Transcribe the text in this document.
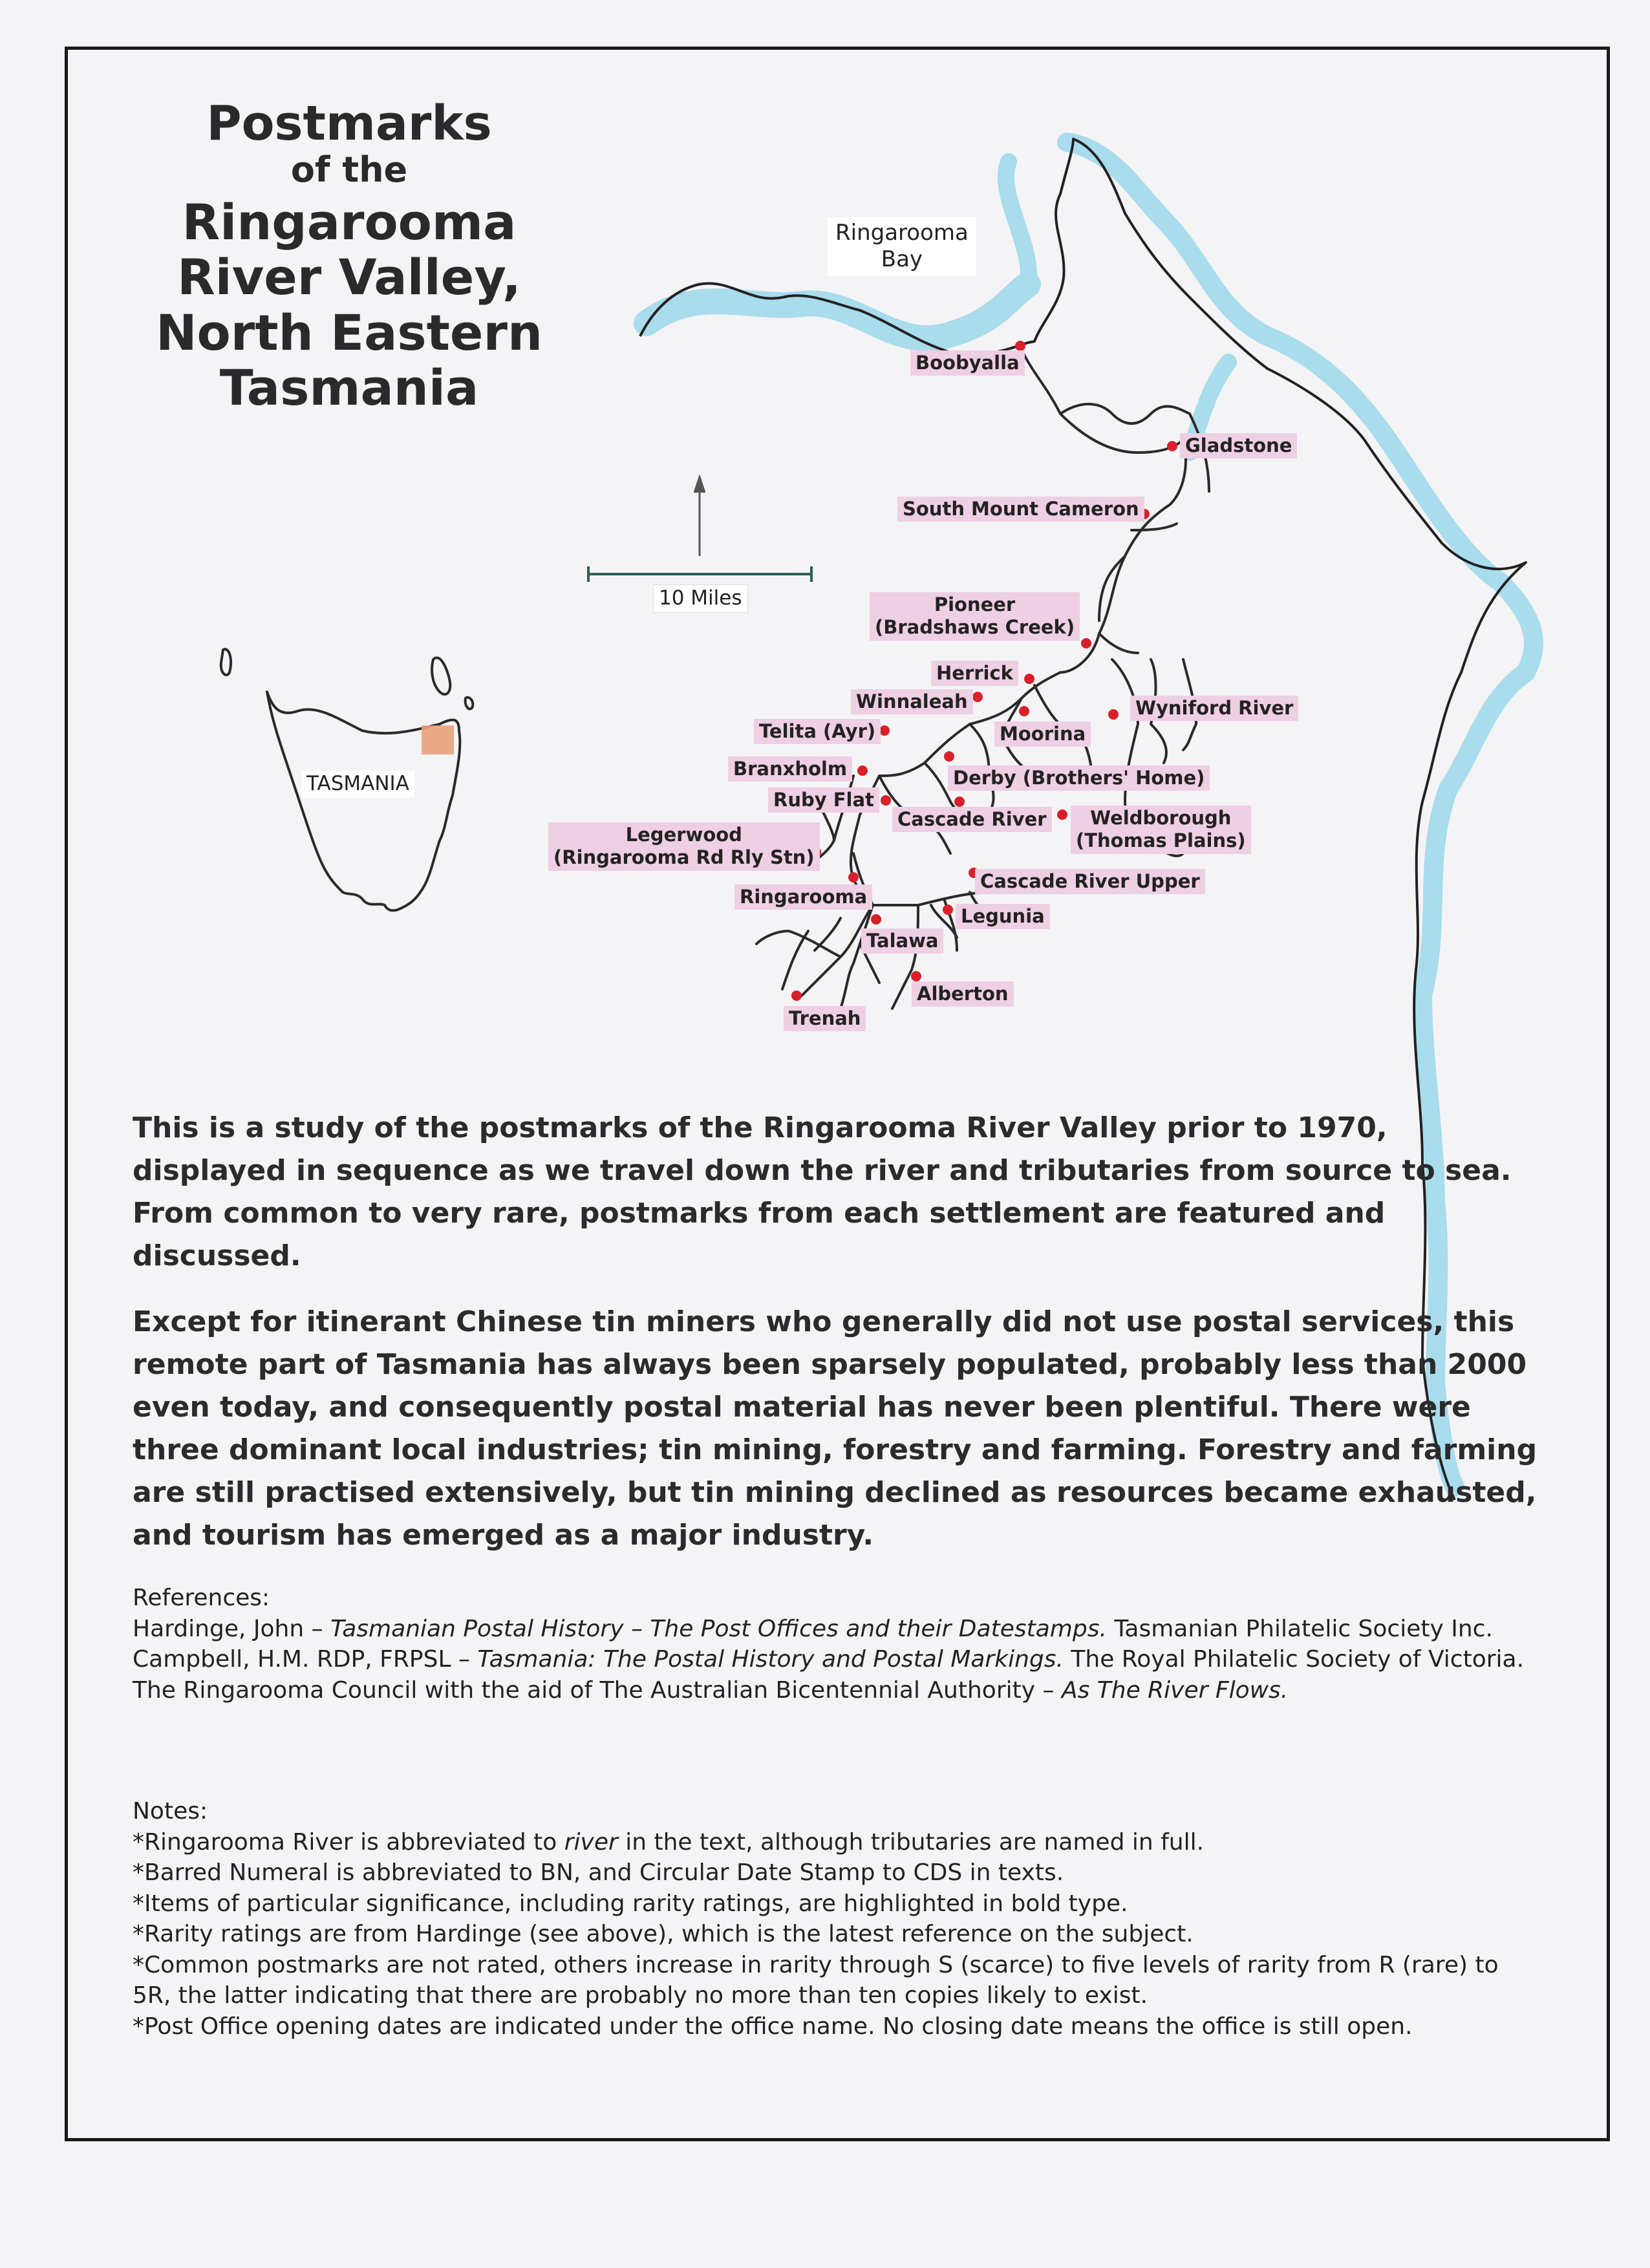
Postmarks
of the
Ringarooma
River Valley,
North Eastern
Tasmania
Ringarooma
Bay
10 Miles
TASMANIA
Boobyalla
Gladstone
South Mount Cameron
Pioneer
(Bradshaws Creek)
Herrick
Winnaleah	Wyniford River
Telita (Ayr)	Moorina
Branxholm	Derby (Brothers' Home)
Ruby Flat
Cascade River	Weldborough
(Thomas Plains)
Legerwood
(Ringarooma Rd Rly Stn)
Cascade River Upper
Ringarooma
Legunia
Talawa
Alberton
Trenah

This is a study of the postmarks of the Ringarooma River Valley prior to 1970, displayed in sequence as we travel down the river and tributaries from source to sea. From common to very rare, postmarks from each settlement are featured and discussed.

Except for itinerant Chinese tin miners who generally did not use postal services, this remote part of Tasmania has always been sparsely populated, probably less than 2000 even today, and consequently postal material has never been plentiful. There were three dominant local industries; tin mining, forestry and farming. Forestry and farming are still practised extensively, but tin mining declined as resources became exhausted, and tourism has emerged as a major industry.

References:
Hardinge, John – Tasmanian Postal History – The Post Offices and their Datestamps. Tasmanian Philatelic Society Inc.
Campbell, H.M. RDP, FRPSL – Tasmania: The Postal History and Postal Markings. The Royal Philatelic Society of Victoria.
The Ringarooma Council with the aid of The Australian Bicentennial Authority – As The River Flows.
Notes:
*Ringarooma River is abbreviated to river in the text, although tributaries are named in full.
*Barred Numeral is abbreviated to BN, and Circular Date Stamp to CDS in texts.
*Items of particular significance, including rarity ratings, are highlighted in bold type.
*Rarity ratings are from Hardinge (see above), which is the latest reference on the subject.
*Common postmarks are not rated, others increase in rarity through S (scarce) to five levels of rarity from R (rare) to 5R, the latter indicating that there are probably no more than ten copies likely to exist.
*Post Office opening dates are indicated under the office name. No closing date means the office is still open.
